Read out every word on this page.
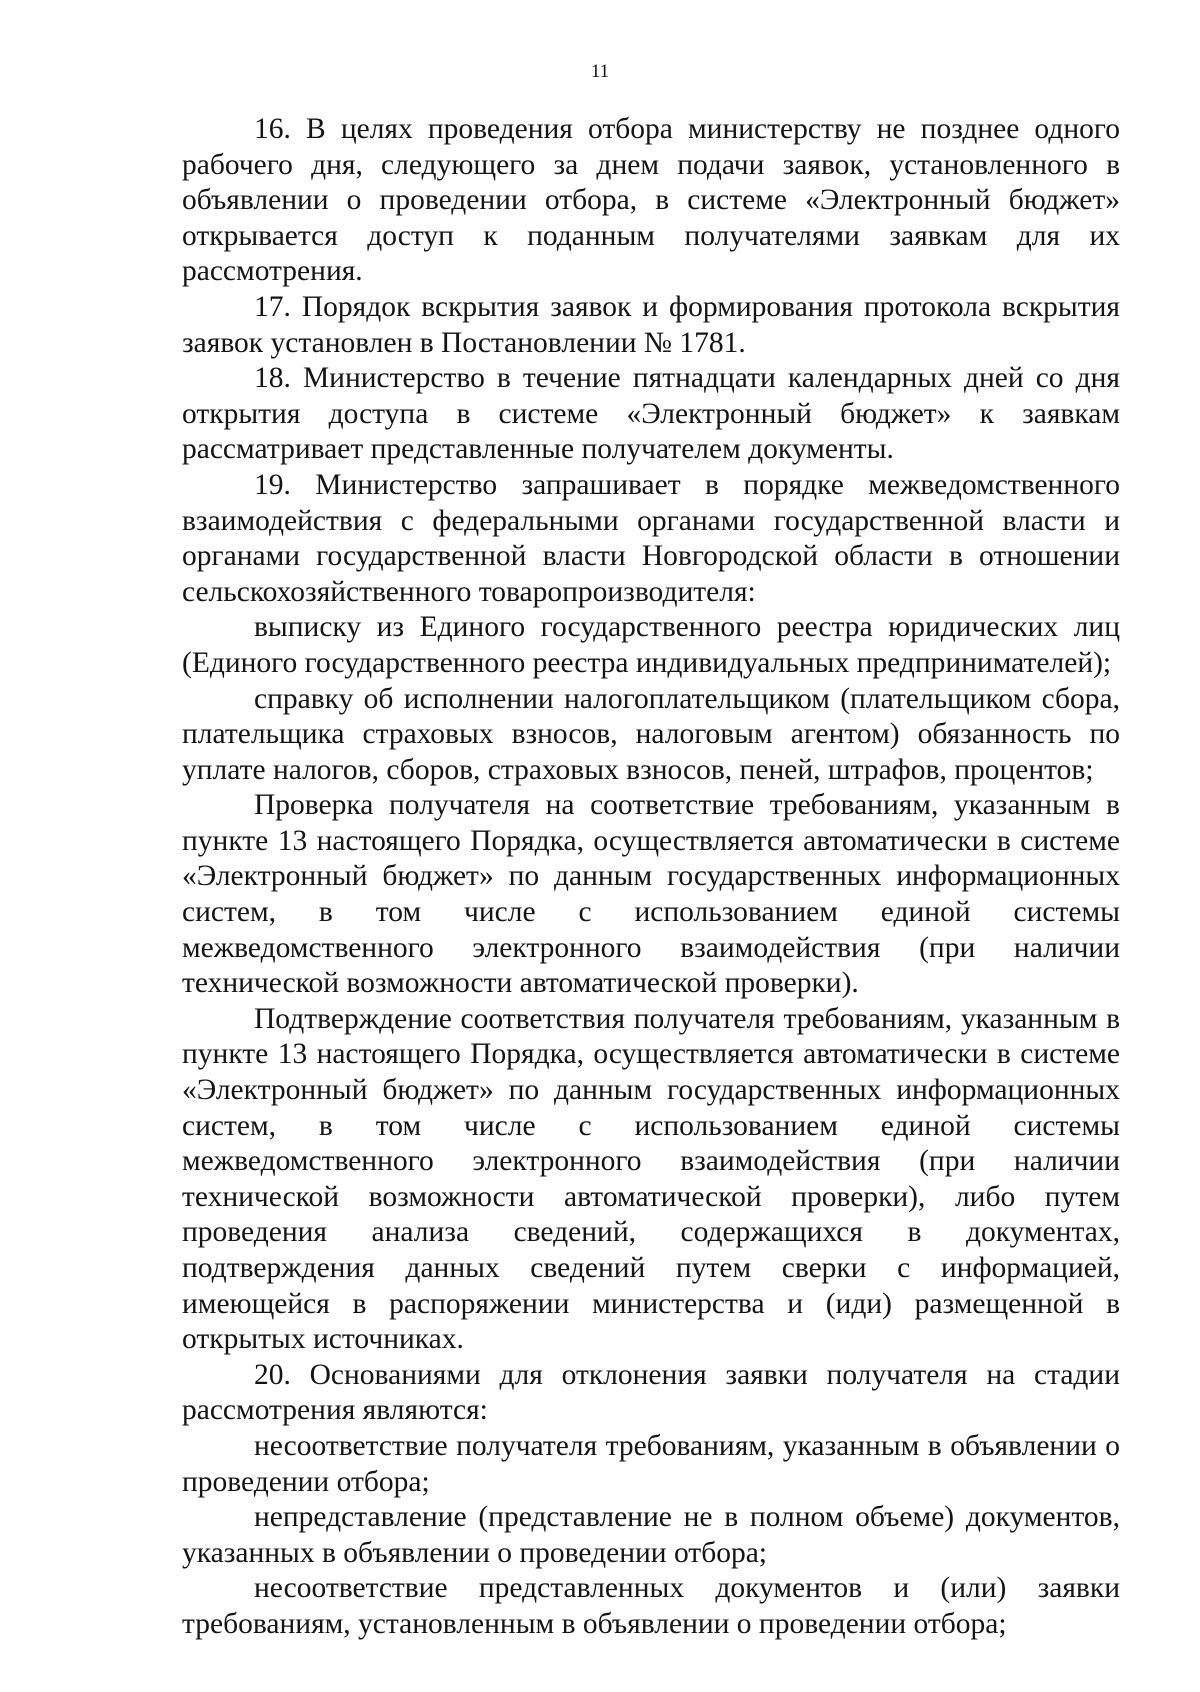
11

16. В целях проведения отбора министерству не позднее одного рабочего дня, следующего за днем подачи заявок, установленного в объявлении о проведении отбора, в системе «Электронный бюджет» открывается доступ к поданным получателями заявкам для их рассмотрения.

17. Порядок вскрытия заявок и формирования протокола вскрытия заявок установлен в Постановлении № 1781.

18. Министерство в течение пятнадцати календарных дней со дня открытия доступа в системе «Электронный бюджет» к заявкам рассматривает представленные получателем документы.

19. Министерство запрашивает в порядке межведомственного взаимодействия с федеральными органами государственной власти и органами государственной власти Новгородской области в отношении сельскохозяйственного товаропроизводителя:

выписку из Единого государственного реестра юридических лиц (Единого государственного реестра индивидуальных предпринимателей);

справку об исполнении налогоплательщиком (плательщиком сбора, плательщика страховых взносов, налоговым агентом) обязанность по уплате налогов, сборов, страховых взносов, пеней, штрафов, процентов;

Проверка получателя на соответствие требованиям, указанным в пункте 13 настоящего Порядка, осуществляется автоматически в системе «Электронный бюджет» по данным государственных информационных систем, в том числе с использованием единой системы межведомственного электронного взаимодействия (при наличии технической возможности автоматической проверки).

Подтверждение соответствия получателя требованиям, указанным в пункте 13 настоящего Порядка, осуществляется автоматически в системе «Электронный бюджет» по данным государственных информационных систем, в том числе с использованием единой системы межведомственного электронного взаимодействия (при наличии технической возможности автоматической проверки), либо путем проведения анализа сведений, содержащихся в документах, подтверждения данных сведений путем сверки с информацией, имеющейся в распоряжении министерства и (иди) размещенной в открытых источниках.

20. Основаниями для отклонения заявки получателя на стадии рассмотрения являются:

несоответствие получателя требованиям, указанным в объявлении о проведении отбора;

непредставление (представление не в полном объеме) документов, указанных в объявлении о проведении отбора;

несоответствие представленных документов и (или) заявки требованиям, установленным в объявлении о проведении отбора;
